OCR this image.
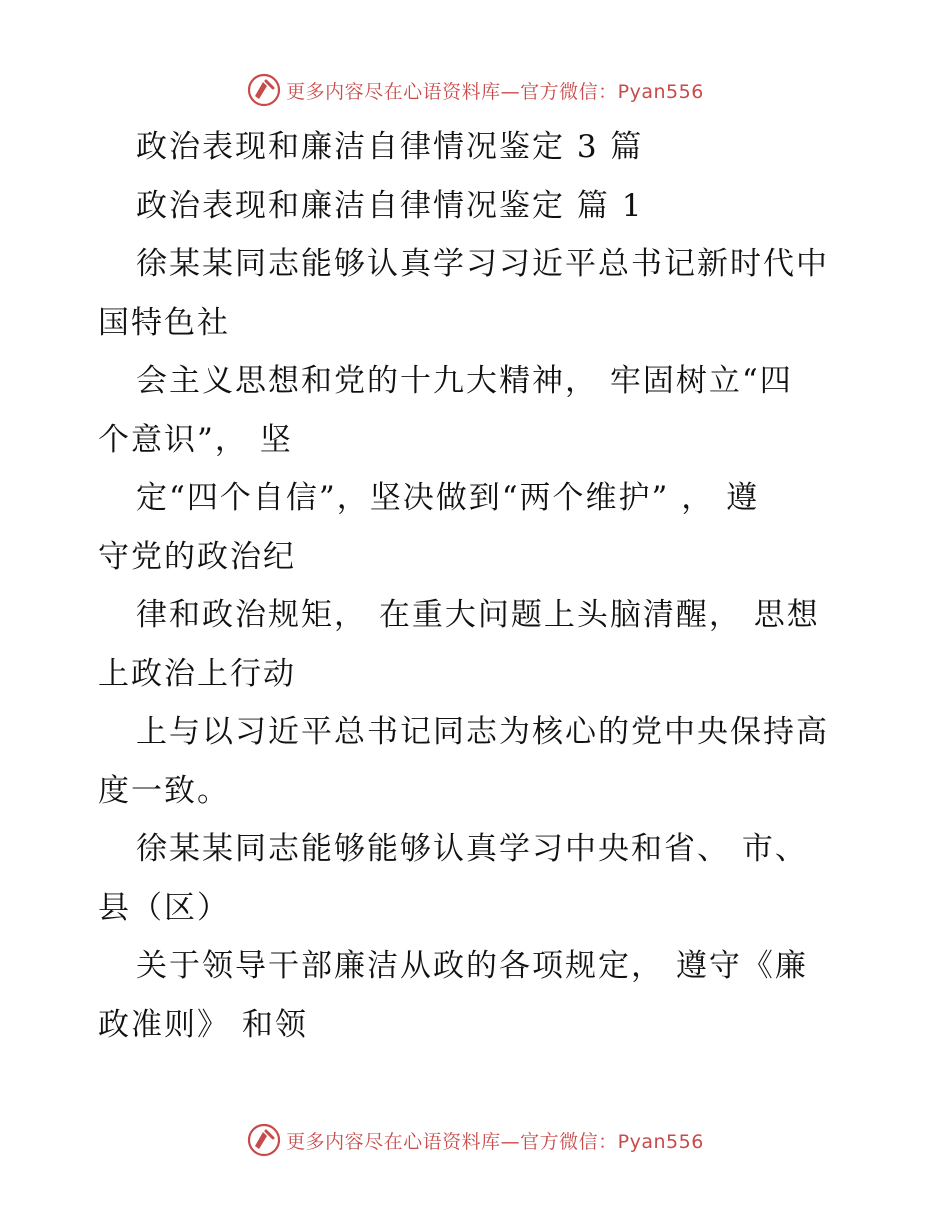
更多内容尽在心语资料库—官方微信：Pyan556
政治表现和廉洁自律情况鉴定 3 篇
政治表现和廉洁自律情况鉴定 篇 1
徐某某同志能够认真学习习近平总书记新时代中
国特色社
会主义思想和党的十九大精神， 牢固树立“四
个意识”， 坚
定“四个自信”，坚决做到“两个维护” ， 遵
守党的政治纪
律和政治规矩， 在重大问题上头脑清醒， 思想
上政治上行动
上与以习近平总书记同志为核心的党中央保持高
度一致。
徐某某同志能够能够认真学习中央和省、 市、
县（区）
关于领导干部廉洁从政的各项规定， 遵守《廉
政准则》 和领
更多内容尽在心语资料库—官方微信：Pyan556
